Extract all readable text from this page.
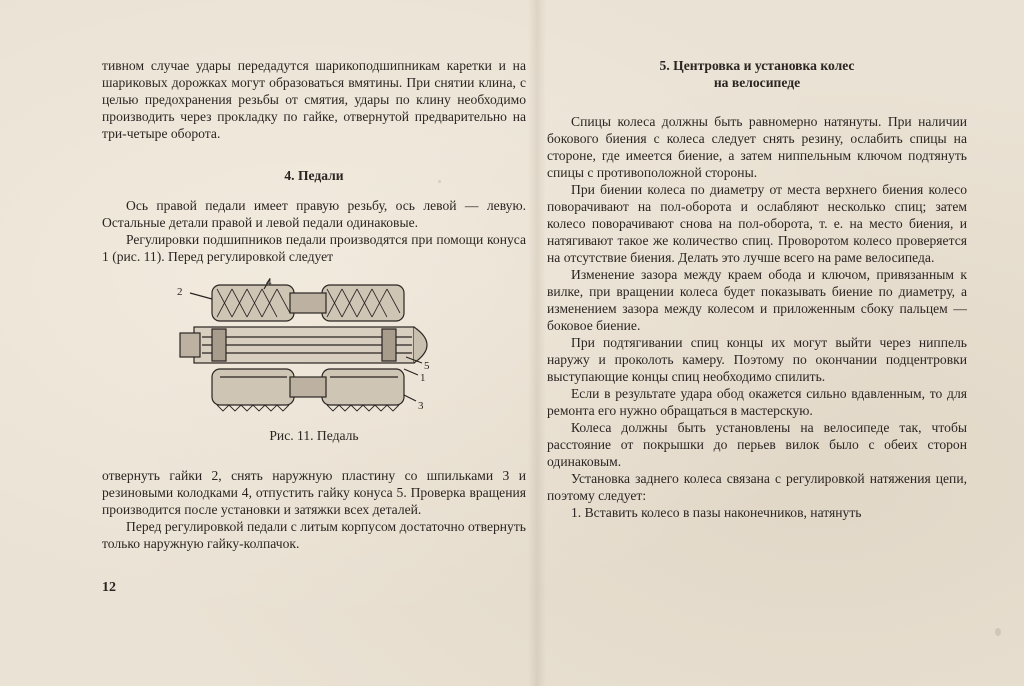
тивном случае удары передадутся шарикоподшипникам каретки и на шариковых дорожках могут образоваться вмятины. При снятии клина, с целью предохранения резьбы от смятия, удары по клину необходимо производить через прокладку по гайке, отвернутой предварительно на три-четыре оборота.

4. Педали

Ось правой педали имеет правую резьбу, ось левой — левую. Остальные детали правой и левой педали одинаковые.

Регулировки подшипников педали производятся при помощи конуса 1 (рис. 11). Перед регулировкой следует

4
2
5
1
3
Рис. 11. Педаль

отвернуть гайки 2, снять наружную пластину со шпильками 3 и резиновыми колодками 4, отпустить гайку конуса 5. Проверка вращения производится после установки и затяжки всех деталей.

Перед регулировкой педали с литым корпусом достаточно отвернуть только наружную гайку-колпачок.

12
5. Центровка и установка колес
на велосипеде

Спицы колеса должны быть равномерно натянуты. При наличии бокового биения с колеса следует снять резину, ослабить спицы на стороне, где имеется биение, а затем ниппельным ключом подтянуть спицы с противоположной стороны.

При биении колеса по диаметру от места верхнего биения колесо поворачивают на пол-оборота и ослабляют несколько спиц; затем колесо поворачивают снова на пол-оборота, т. е. на место биения, и натягивают такое же количество спиц. Проворотом колесо проверяется на отсутствие биения. Делать это лучше всего на раме велосипеда.

Изменение зазора между краем обода и ключом, привязанным к вилке, при вращении колеса будет показывать биение по диаметру, а изменением зазора между колесом и приложенным сбоку пальцем — боковое биение.

При подтягивании спиц концы их могут выйти через ниппель наружу и проколоть камеру. Поэтому по окончании подцентровки выступающие концы спиц необходимо спилить.

Если в результате удара обод окажется сильно вдавленным, то для ремонта его нужно обращаться в мастерскую.

Колеса должны быть установлены на велосипеде так, чтобы расстояние от покрышки до перьев вилок было с обеих сторон одинаковым.

Установка заднего колеса связана с регулировкой натяжения цепи, поэтому следует:

1. Вставить колесо в пазы наконечников, натянуть
